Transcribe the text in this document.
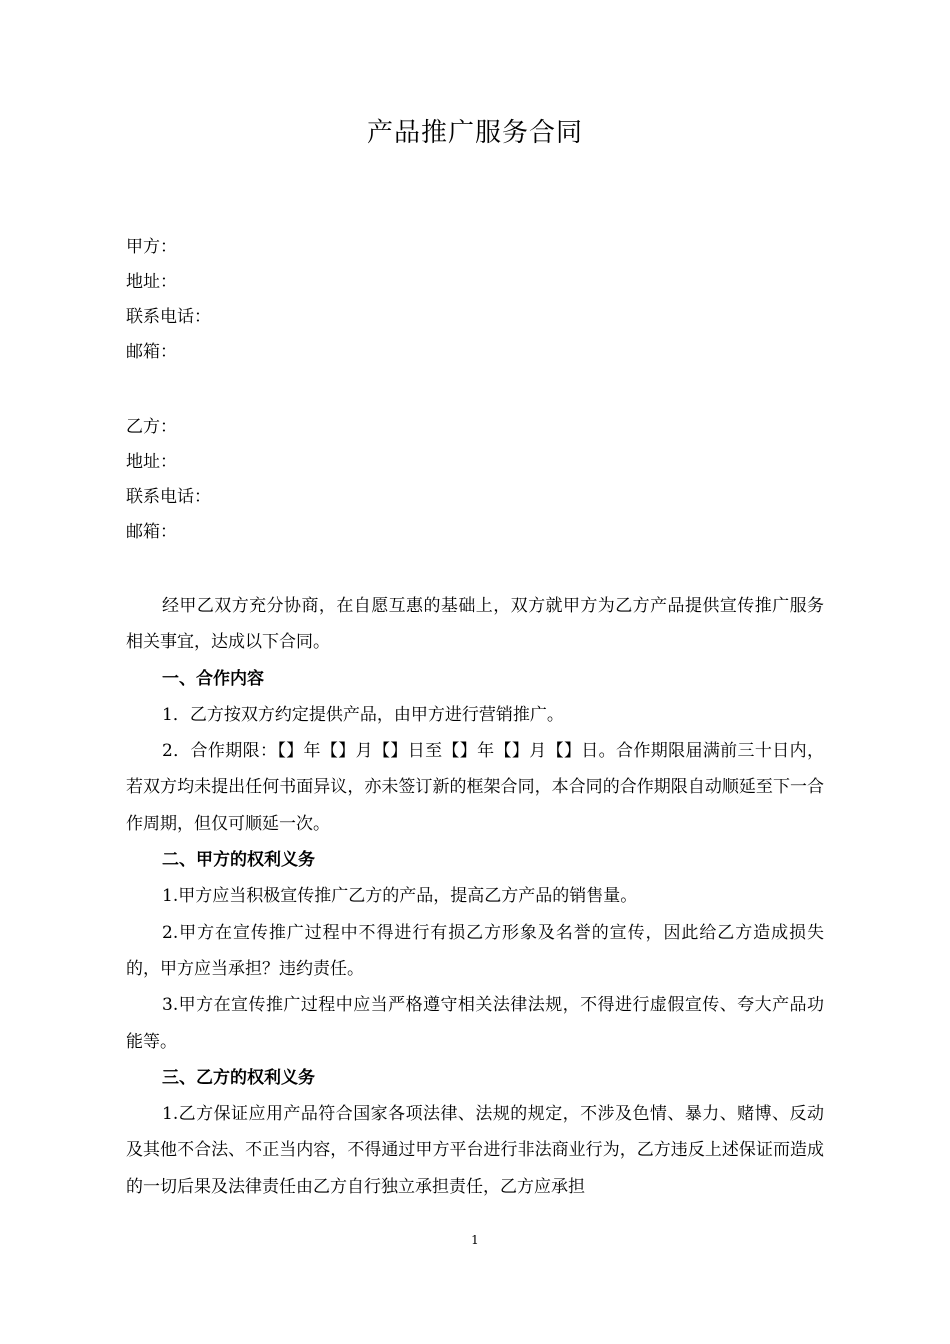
产品推广服务合同
甲方：
地址：
联系电话：
邮箱：
乙方：
地址：
联系电话：
邮箱：

经甲乙双方充分协商，在自愿互惠的基础上，双方就甲方为乙方产品提供宣传推广服务相关事宜，达成以下合同。

一、合作内容

1．乙方按双方约定提供产品，由甲方进行营销推广。

2．合作期限：【】年【】月【】日至【】年【】月【】日。合作期限届满前三十日内，若双方均未提出任何书面异议，亦未签订新的框架合同，本合同的合作期限自动顺延至下一合作周期，但仅可顺延一次。

二、甲方的权利义务

1.甲方应当积极宣传推广乙方的产品，提高乙方产品的销售量。

2.甲方在宣传推广过程中不得进行有损乙方形象及名誉的宣传，因此给乙方造成损失的，甲方应当承担？违约责任。

3.甲方在宣传推广过程中应当严格遵守相关法律法规，不得进行虚假宣传、夸大产品功能等。

三、乙方的权利义务

1.乙方保证应用产品符合国家各项法律、法规的规定，不涉及色情、暴力、赌博、反动及其他不合法、不正当内容，不得通过甲方平台进行非法商业行为，乙方违反上述保证而造成的一切后果及法律责任由乙方自行独立承担责任，乙方应承担

1
